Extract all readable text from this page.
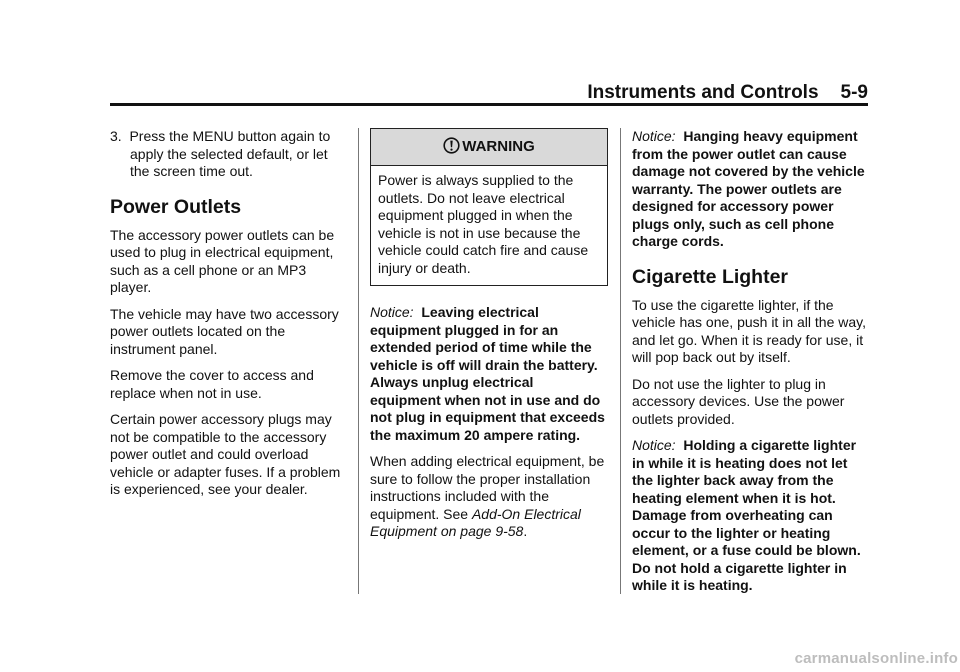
Instruments and Controls 5-9

3. Press the MENU button again to apply the selected default, or let the screen time out.

Power Outlets

The accessory power outlets can be used to plug in electrical equipment, such as a cell phone or an MP3 player.

The vehicle may have two accessory power outlets located on the instrument panel.

Remove the cover to access and replace when not in use.

Certain power accessory plugs may not be compatible to the accessory power outlet and could overload vehicle or adapter fuses. If a problem is experienced, see your dealer.

WARNING
Power is always supplied to the outlets. Do not leave electrical equipment plugged in when the vehicle is not in use because the vehicle could catch fire and cause injury or death.

Notice: Leaving electrical equipment plugged in for an extended period of time while the vehicle is off will drain the battery. Always unplug electrical equipment when not in use and do not plug in equipment that exceeds the maximum 20 ampere rating.

When adding electrical equipment, be sure to follow the proper installation instructions included with the equipment. See Add-On Electrical Equipment on page 9-58.

Notice: Hanging heavy equipment from the power outlet can cause damage not covered by the vehicle warranty. The power outlets are designed for accessory power plugs only, such as cell phone charge cords.

Cigarette Lighter

To use the cigarette lighter, if the vehicle has one, push it in all the way, and let go. When it is ready for use, it will pop back out by itself.

Do not use the lighter to plug in accessory devices. Use the power outlets provided.

Notice: Holding a cigarette lighter in while it is heating does not let the lighter back away from the heating element when it is hot. Damage from overheating can occur to the lighter or heating element, or a fuse could be blown. Do not hold a cigarette lighter in while it is heating.

carmanualsonline.info
